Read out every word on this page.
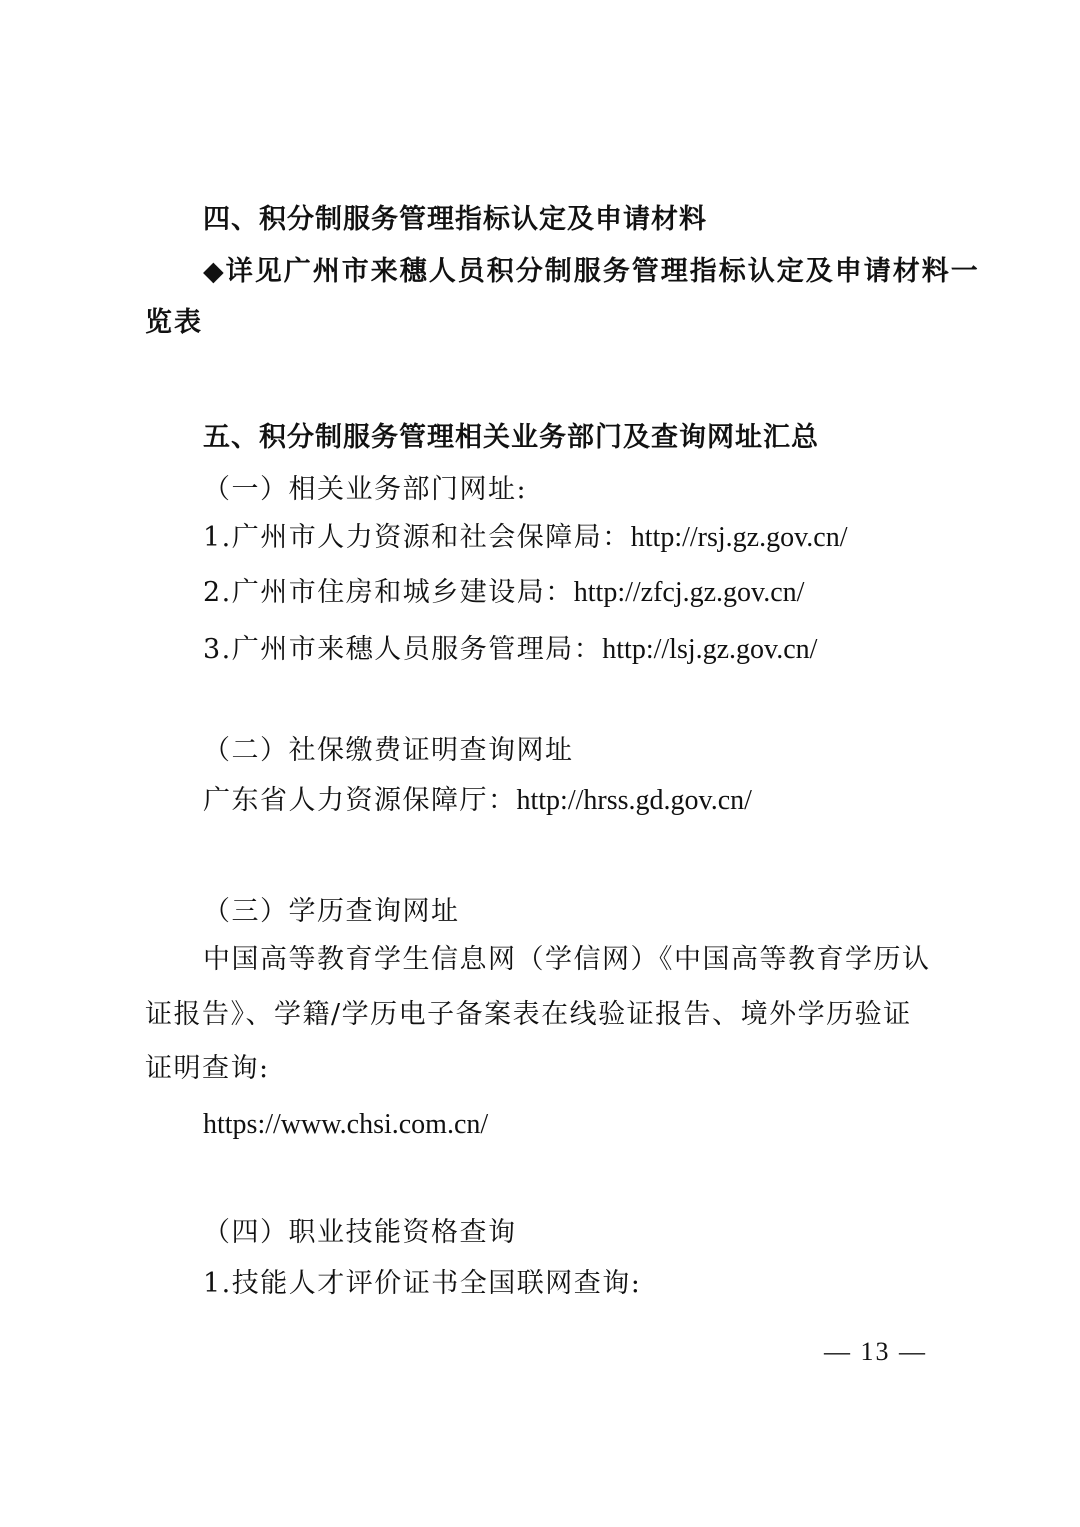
四、积分制服务管理指标认定及申请材料
◆详见广州市来穗人员积分制服务管理指标认定及申请材料一
览表
五、积分制服务管理相关业务部门及查询网址汇总
（一）相关业务部门网址:
1.广州市人力资源和社会保障局：http://rsj.gz.gov.cn/
2.广州市住房和城乡建设局：http://zfcj.gz.gov.cn/
3.广州市来穗人员服务管理局：http://lsj.gz.gov.cn/
（二）社保缴费证明查询网址
广东省人力资源保障厅：http://hrss.gd.gov.cn/
（三）学历查询网址
中国高等教育学生信息网（学信网）《中国高等教育学历认
证报告》、学籍/学历电子备案表在线验证报告、境外学历验证
证明查询:
https://www.chsi.com.cn/
（四）职业技能资格查询
1.技能人才评价证书全国联网查询:
— 13 —
